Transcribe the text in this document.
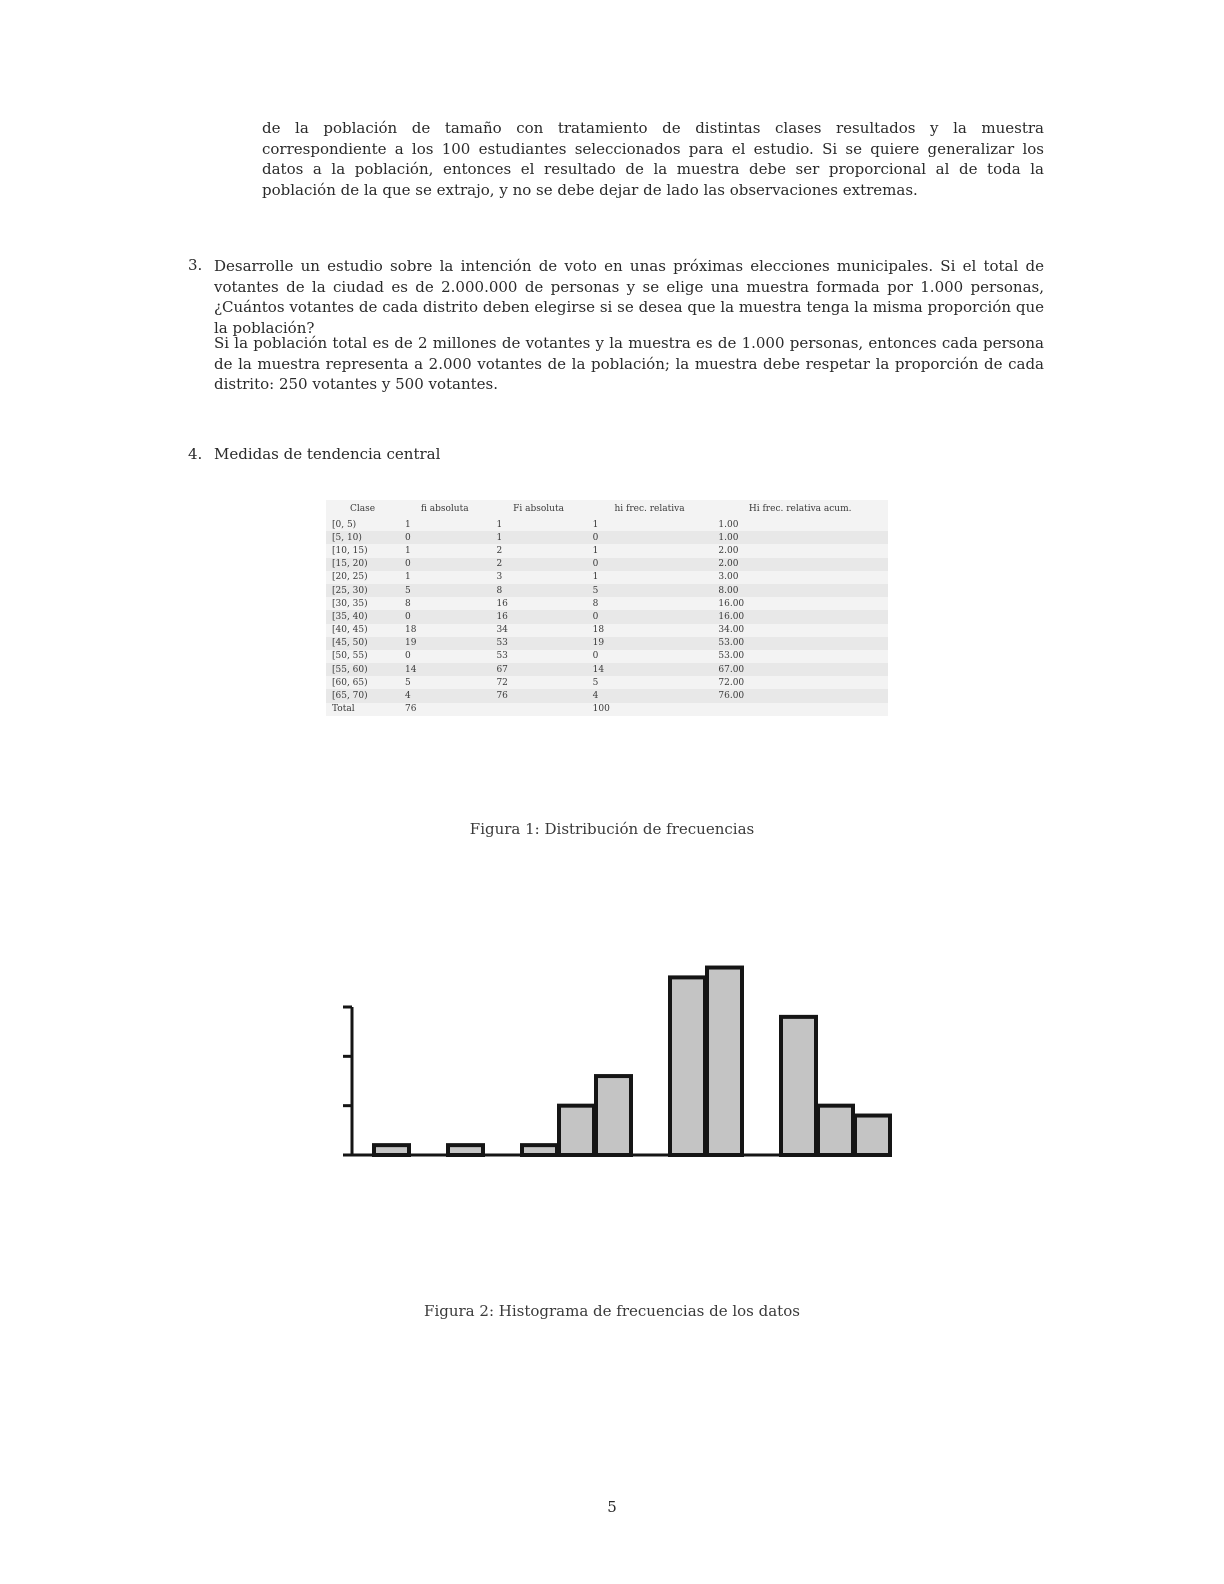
de la población de tamaño con tratamiento de distintas clases resultados y la muestra correspondiente a los 100 estudiantes seleccionados para el estudio. Si se quiere generalizar los datos a la población, entonces el resultado de la muestra debe ser proporcional al de toda la población de la que se extrajo, y no se debe dejar de lado las observaciones extremas.
3. Desarrolle un estudio sobre la intención de voto en unas próximas elecciones municipales. Si el total de votantes de la ciudad es de 2.000.000 de personas y se elige una muestra formada por 1.000 personas, ¿Cuántos votantes de cada distrito deben elegirse si se desea que la muestra tenga la misma proporción que la población?
Si la población total es de 2 millones de votantes y la muestra es de 1.000 personas, entonces cada persona de la muestra representa a 2.000 votantes de la población; la muestra debe respetar la proporción de cada distrito: 250 votantes y 500 votantes.
4. Medidas de tendencia central
Clase	fi absoluta	Fi absoluta	hi frec. relativa	Hi frec. relativa acum.
[0, 5)	1	1	1	1.00
[5, 10)	0	1	0	1.00
[10, 15)	1	2	1	2.00
[15, 20)	0	2	0	2.00
[20, 25)	1	3	1	3.00
[25, 30)	5	8	5	8.00
[30, 35)	8	16	8	16.00
[35, 40)	0	16	0	16.00
[40, 45)	18	34	18	34.00
[45, 50)	19	53	19	53.00
[50, 55)	0	53	0	53.00
[55, 60)	14	67	14	67.00
[60, 65)	5	72	5	72.00
[65, 70)	4	76	4	76.00
Total	76		100	
Figura 1: Distribución de frecuencias
Figura 2: Histograma de frecuencias de los datos
5
